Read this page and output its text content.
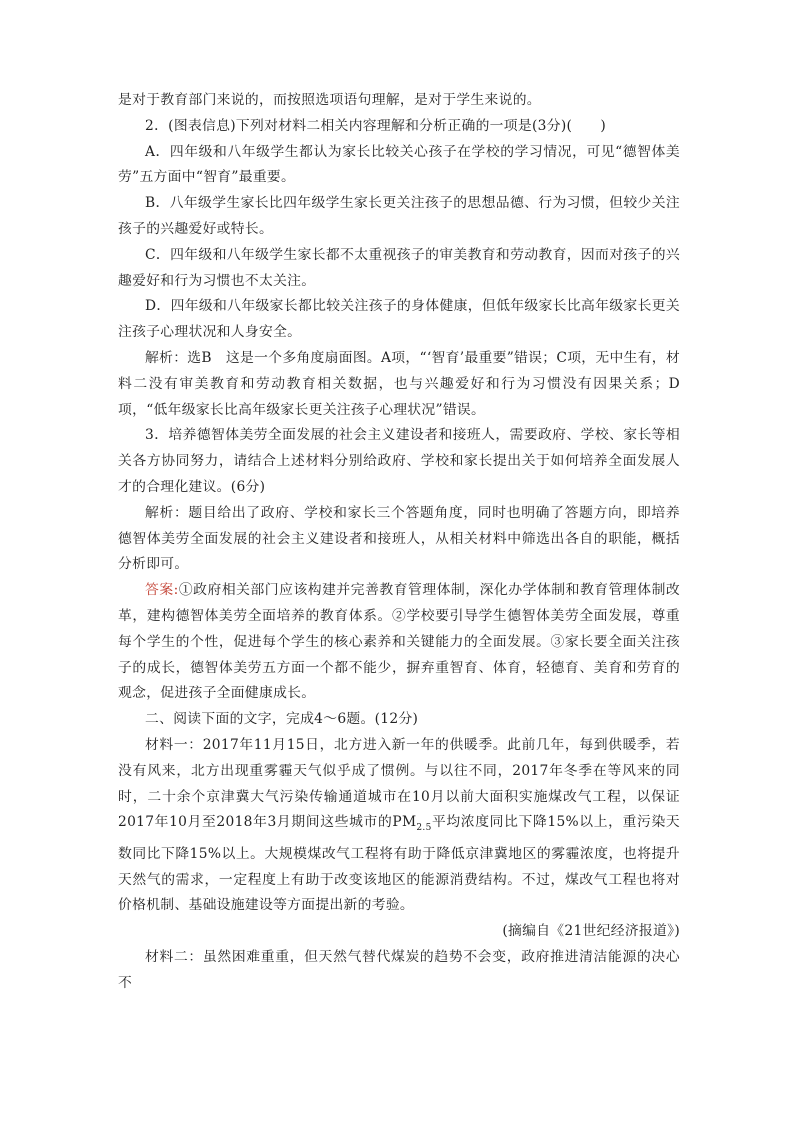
是对于教育部门来说的，而按照选项语句理解，是对于学生来说的。

2．(图表信息)下列对材料二相关内容理解和分析正确的一项是(3分)(　　)

A．四年级和八年级学生都认为家长比较关心孩子在学校的学习情况，可见“德智体美劳”五方面中“智育”最重要。

B．八年级学生家长比四年级学生家长更关注孩子的思想品德、行为习惯，但较少关注孩子的兴趣爱好或特长。

C．四年级和八年级学生家长都不太重视孩子的审美教育和劳动教育，因而对孩子的兴趣爱好和行为习惯也不太关注。

D．四年级和八年级家长都比较关注孩子的身体健康，但低年级家长比高年级家长更关注孩子心理状况和人身安全。

解析：选B　这是一个多角度扇面图。A项，“‘智育’最重要”错误；C项，无中生有，材料二没有审美教育和劳动教育相关数据，也与兴趣爱好和行为习惯没有因果关系；D项，“低年级家长比高年级家长更关注孩子心理状况”错误。

3．培养德智体美劳全面发展的社会主义建设者和接班人，需要政府、学校、家长等相关各方协同努力，请结合上述材料分别给政府、学校和家长提出关于如何培养全面发展人才的合理化建议。(6分)

解析：题目给出了政府、学校和家长三个答题角度，同时也明确了答题方向，即培养德智体美劳全面发展的社会主义建设者和接班人，从相关材料中筛选出各自的职能，概括分析即可。

答案:①政府相关部门应该构建并完善教育管理体制，深化办学体制和教育管理体制改革，建构德智体美劳全面培养的教育体系。②学校要引导学生德智体美劳全面发展，尊重每个学生的个性，促进每个学生的核心素养和关键能力的全面发展。③家长要全面关注孩子的成长，德智体美劳五方面一个都不能少，摒弃重智育、体育，轻德育、美育和劳育的观念，促进孩子全面健康成长。

二、阅读下面的文字，完成4～6题。(12分)

材料一：2017年11月15日，北方进入新一年的供暖季。此前几年，每到供暖季，若没有风来，北方出现重雾霾天气似乎成了惯例。与以往不同，2017年冬季在等风来的同时，二十余个京津冀大气污染传输通道城市在10月以前大面积实施煤改气工程，以保证2017年10月至2018年3月期间这些城市的$PM_{2.5}$平均浓度同比下降15%以上，重污染天数同比下降15%以上。大规模煤改气工程将有助于降低京津冀地区的雾霾浓度，也将提升天然气的需求，一定程度上有助于改变该地区的能源消费结构。不过，煤改气工程也将对价格机制、基础设施建设等方面提出新的考验。

(摘编自《21世纪经济报道》)

材料二：虽然困难重重，但天然气替代煤炭的趋势不会变，政府推进清洁能源的决心不
